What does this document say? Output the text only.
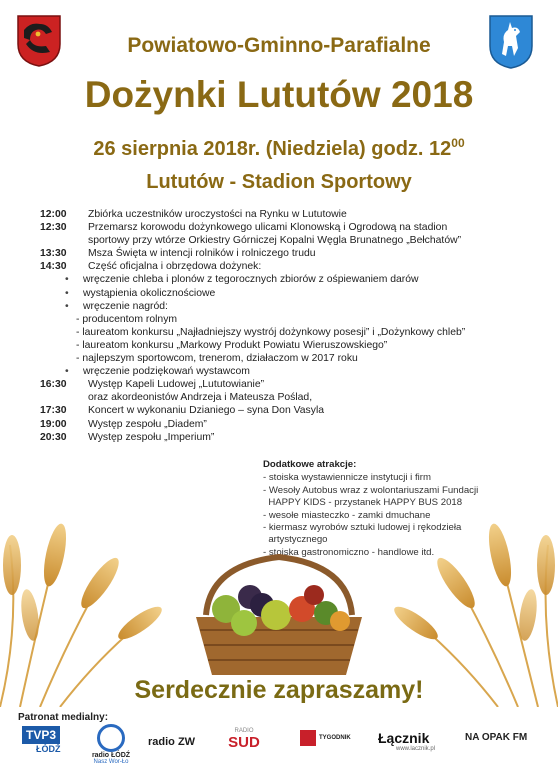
Powiatowo-Gminno-Parafialne
Dożynki Lututów 2018
26 sierpnia 2018r. (Niedziela) godz. $12^{00}$
Lututów - Stadion Sportowy
12:00	Zbiórka uczestników uroczystości na Rynku w Lututowie
12:30	Przemarsz korowodu dożynkowego ulicami Klonowską i Ogrodową na stadion
sportowy przy wtórze Orkiestry Górniczej Kopalni Węgla Brunatnego „Bełchatów”
13:30	Msza Święta w intencji rolników i rolniczego trudu
14:30	Część oficjalna i obrzędowa dożynek:
• wręczenie chleba i plonów z tegorocznych zbiorów z ośpiewaniem darów
• wystąpienia okolicznościowe
• wręczenie nagród:
- producentom rolnym
- laureatom konkursu „Najładniejszy wystrój dożynkowy posesji” i „Dożynkowy chleb”
- laureatom konkursu „Markowy Produkt Powiatu Wieruszowskiego”
- najlepszym sportowcom, trenerom, działaczom w 2017 roku
• wręczenie podziękowań wystawcom
16:30	Występ Kapeli Ludowej „Lututowianie”
oraz akordeonistów Andrzeja i Mateusza Poślad,
17:30	Koncert w wykonaniu Dzianiego – syna Don Vasyla
19:00	Występ zespołu „Diadem”
20:30	Występ zespołu „Imperium”
Dodatkowe atrakcje:
- stoiska wystawiennicze instytucji i firm
- Wesoły Autobus wraz z wolontariuszami Fundacji
HAPPY KIDS - przystanek HAPPY BUS 2018
- wesołe miasteczko - zamki dmuchane
- kiermasz wyrobów sztuki ludowej i rękodzieła
artystycznego
- stoiska gastronomiczno - handlowe itd.
Serdecznie zapraszamy!
Patronat medialny:
TVP3
ŁÓDŹ
radio ŁÓDŹ
Nasz Wor-Ło
radio ZW
RADIO
SUD	TYGODNIK Łącznik
www.lacznik.pl
NA OPAK FM
